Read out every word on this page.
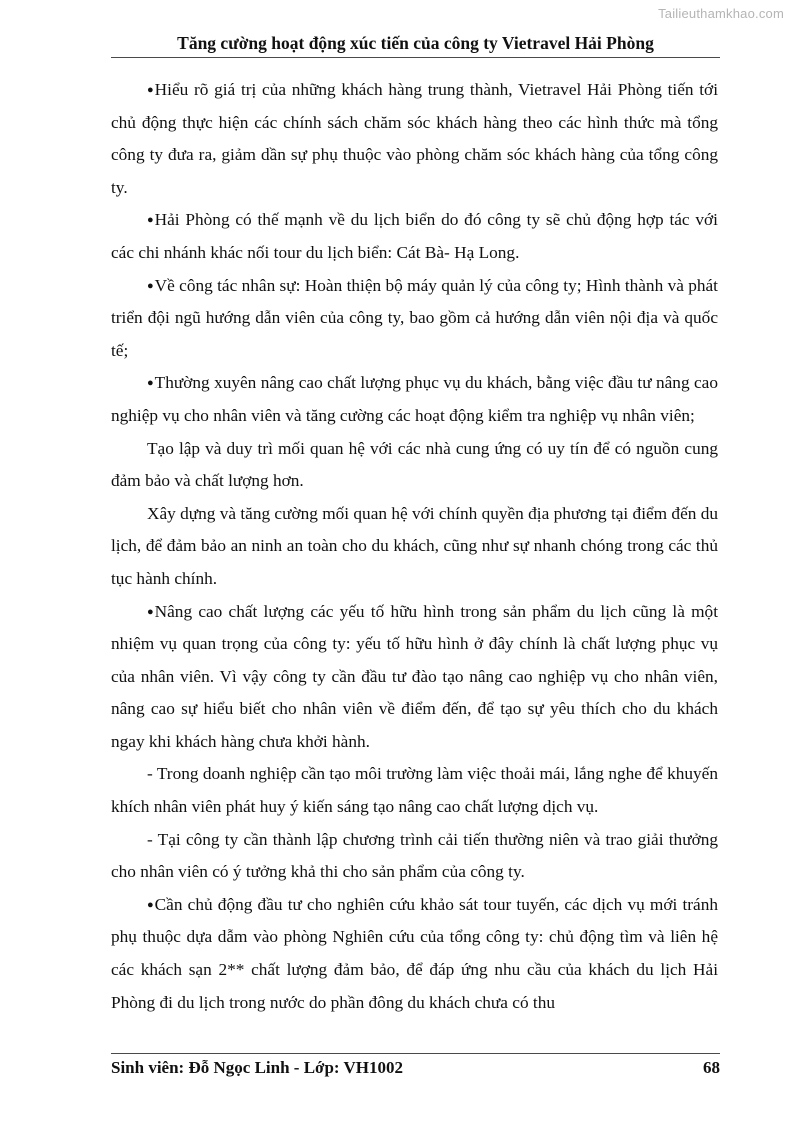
Tailieuthamkhao.com
Tăng cường hoạt động xúc tiến của công ty Vietravel Hải Phòng

●Hiểu rõ giá trị của những khách hàng trung thành, Vietravel Hải Phòng tiến tới chủ động thực hiện các chính sách chăm sóc khách hàng theo các hình thức mà tổng công ty đưa ra, giảm dần sự phụ thuộc vào phòng chăm sóc khách hàng của tổng công ty.

●Hải Phòng có thế mạnh về du lịch biển do đó công ty sẽ chủ động hợp tác với các chi nhánh khác nối tour du lịch biển: Cát Bà- Hạ Long.

●Về công tác nhân sự: Hoàn thiện bộ máy quản lý của công ty; Hình thành và phát triển đội ngũ hướng dẫn viên của công ty, bao gồm cả hướng dẫn viên nội địa và quốc tế;

●Thường xuyên nâng cao chất lượng phục vụ du khách, bằng việc đầu tư nâng cao nghiệp vụ cho nhân viên và tăng cường các hoạt động kiểm tra nghiệp vụ nhân viên;

Tạo lập và duy trì mối quan hệ với các nhà cung ứng có uy tín để có nguồn cung đảm bảo và chất lượng hơn.

Xây dựng và tăng cường mối quan hệ với chính quyền địa phương tại điểm đến du lịch, để đảm bảo an ninh an toàn cho du khách, cũng như sự nhanh chóng trong các thủ tục hành chính.

●Nâng cao chất lượng các yếu tố hữu hình trong sản phẩm du lịch cũng là một nhiệm vụ quan trọng của công ty: yếu tố hữu hình ở đây chính là chất lượng phục vụ của nhân viên. Vì vậy công ty cần đầu tư đào tạo nâng cao nghiệp vụ cho nhân viên, nâng cao sự hiểu biết cho nhân viên về điểm đến, để tạo sự yêu thích cho du khách ngay khi khách hàng chưa khởi hành.

- Trong doanh nghiệp cần tạo môi trường làm việc thoải mái, lắng nghe để khuyến khích nhân viên phát huy ý kiến sáng tạo nâng cao chất lượng dịch vụ.

- Tại công ty cần thành lập chương trình cải tiến thường niên và trao giải thưởng cho nhân viên có ý tưởng khả thi cho sản phẩm của công ty.

●Cần chủ động đầu tư cho nghiên cứu khảo sát tour tuyến, các dịch vụ mới tránh phụ thuộc dựa dẫm vào phòng Nghiên cứu của tổng công ty: chủ động tìm và liên hệ các khách sạn 2** chất lượng đảm bảo, để đáp ứng nhu cầu của khách du lịch Hải Phòng đi du lịch trong nước do phần đông du khách chưa có thu

Sinh viên: Đỗ Ngọc Linh - Lớp: VH1002	68
